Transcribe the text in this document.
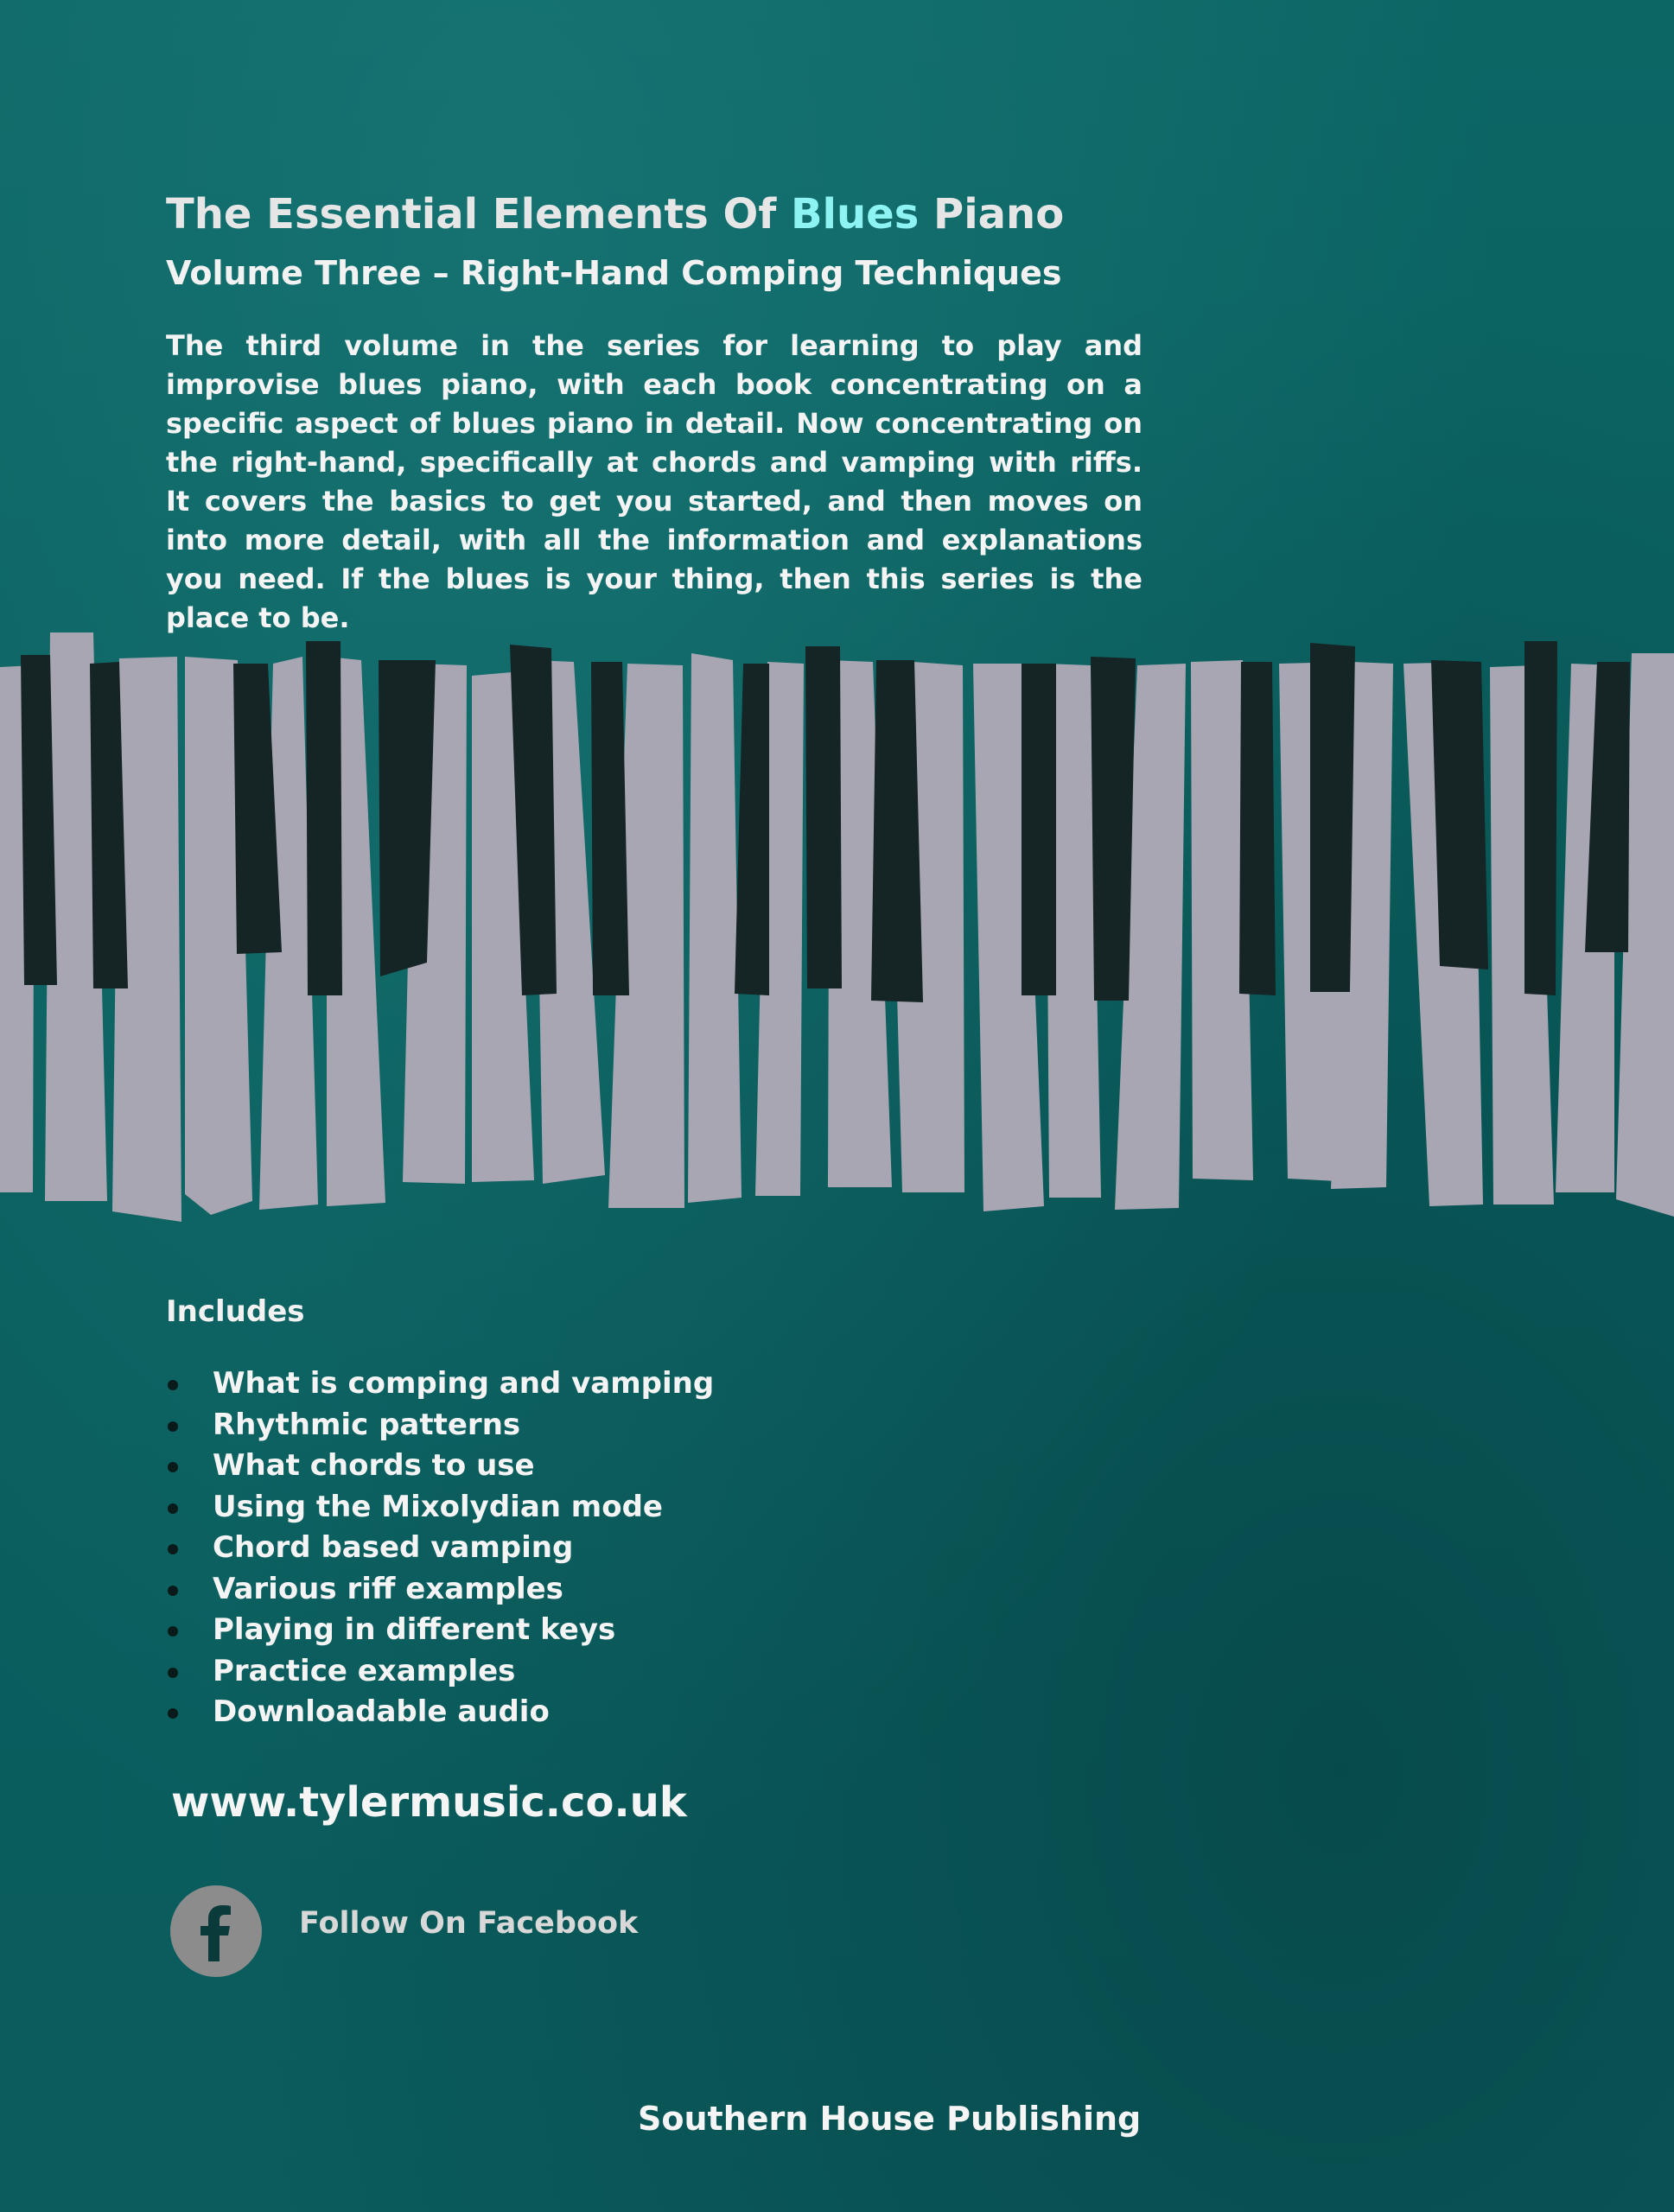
The Essential Elements Of Blues Piano
Volume Three – Right-Hand Comping Techniques

The third volume in the series for learning to play and improvise blues piano, with each book concentrating on a specific aspect of blues piano in detail. Now concentrating on the right-hand, specifically at chords and vamping with riffs. It covers the basics to get you started, and then moves on into more detail, with all the information and explanations you need. If the blues is your thing, then this series is the place to be.

Includes
What is comping and vamping
Rhythmic patterns
What chords to use
Using the Mixolydian mode
Chord based vamping
Various riff examples
Playing in different keys
Practice examples
Downloadable audio

www.tylermusic.co.uk

Follow On Facebook

Southern House Publishing
